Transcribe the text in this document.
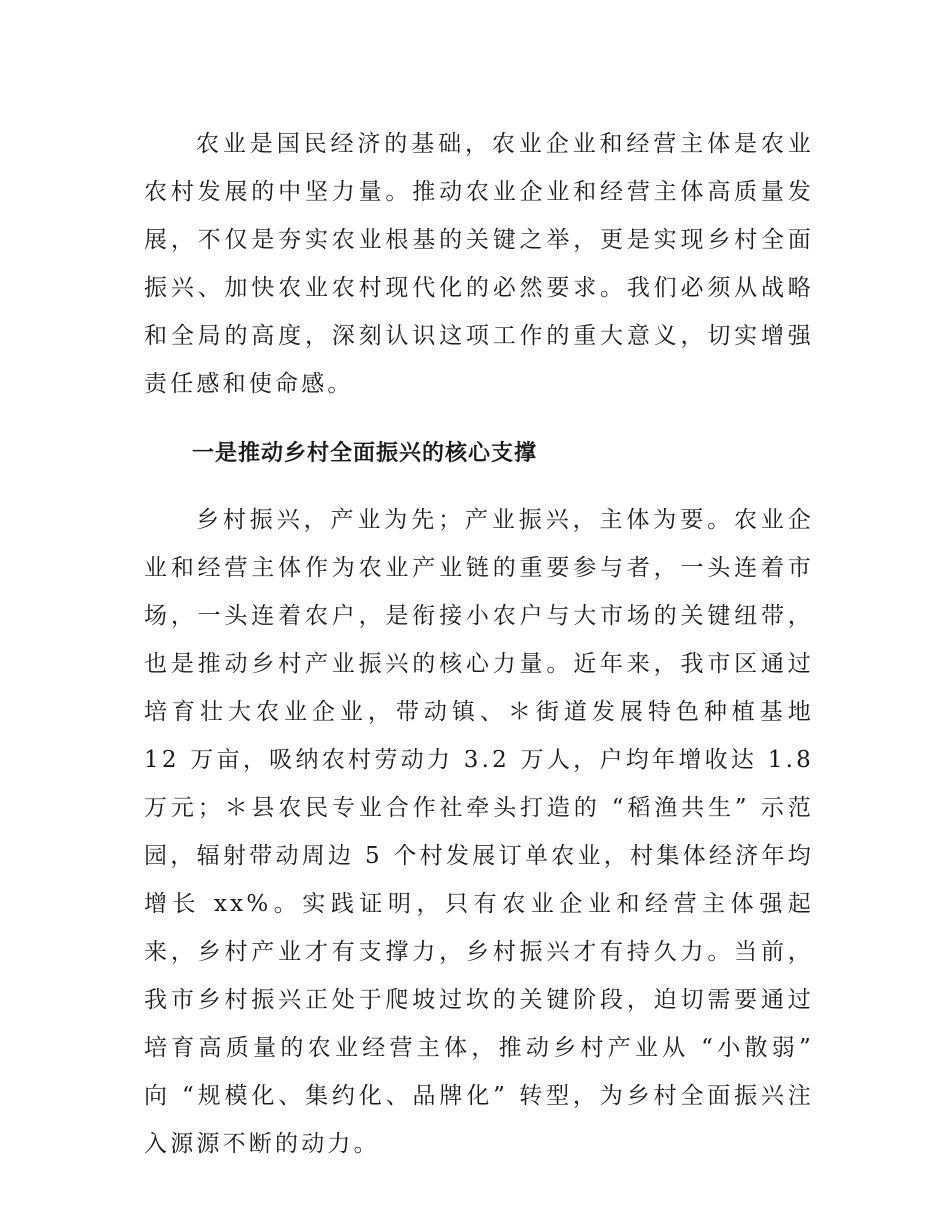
农业是国民经济的基础，农业企业和经营主体是农业农村发展的中坚力量。推动农业企业和经营主体高质量发展，不仅是夯实农业根基的关键之举，更是实现乡村全面振兴、加快农业农村现代化的必然要求。我们必须从战略和全局的高度，深刻认识这项工作的重大意义，切实增强责任感和使命感。

一是推动乡村全面振兴的核心支撑

乡村振兴，产业为先；产业振兴，主体为要。农业企业和经营主体作为农业产业链的重要参与者，一头连着市场，一头连着农户，是衔接小农户与大市场的关键纽带，也是推动乡村产业振兴的核心力量。近年来，我市区通过培育壮大农业企业，带动镇、＊街道发展特色种植基地 12 万亩，吸纳农村劳动力 3.2 万人，户均年增收达 1.8 万元；＊县农民专业合作社牵头打造的 “稻渔共生” 示范园，辐射带动周边 5 个村发展订单农业，村集体经济年均增长 xx%。实践证明，只有农业企业和经营主体强起来，乡村产业才有支撑力，乡村振兴才有持久力。当前，我市乡村振兴正处于爬坡过坎的关键阶段，迫切需要通过培育高质量的农业经营主体，推动乡村产业从 “小散弱” 向 “规模化、集约化、品牌化” 转型，为乡村全面振兴注入源源不断的动力。
